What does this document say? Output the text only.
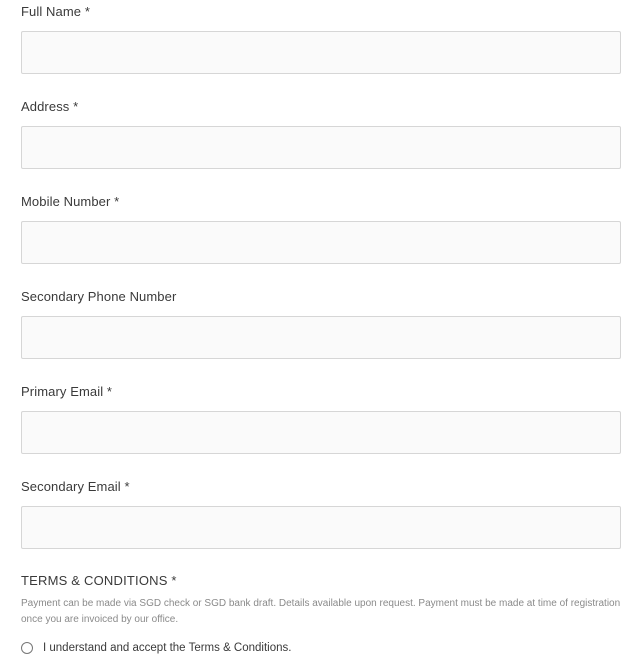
Full Name *
Address *
Mobile Number *
Secondary Phone Number
Primary Email *
Secondary Email *
TERMS & CONDITIONS *
Payment can be made via SGD check or SGD bank draft. Details available upon request. Payment must be made at time of registration once you are invoiced by our office.
I understand and accept the Terms & Conditions.
